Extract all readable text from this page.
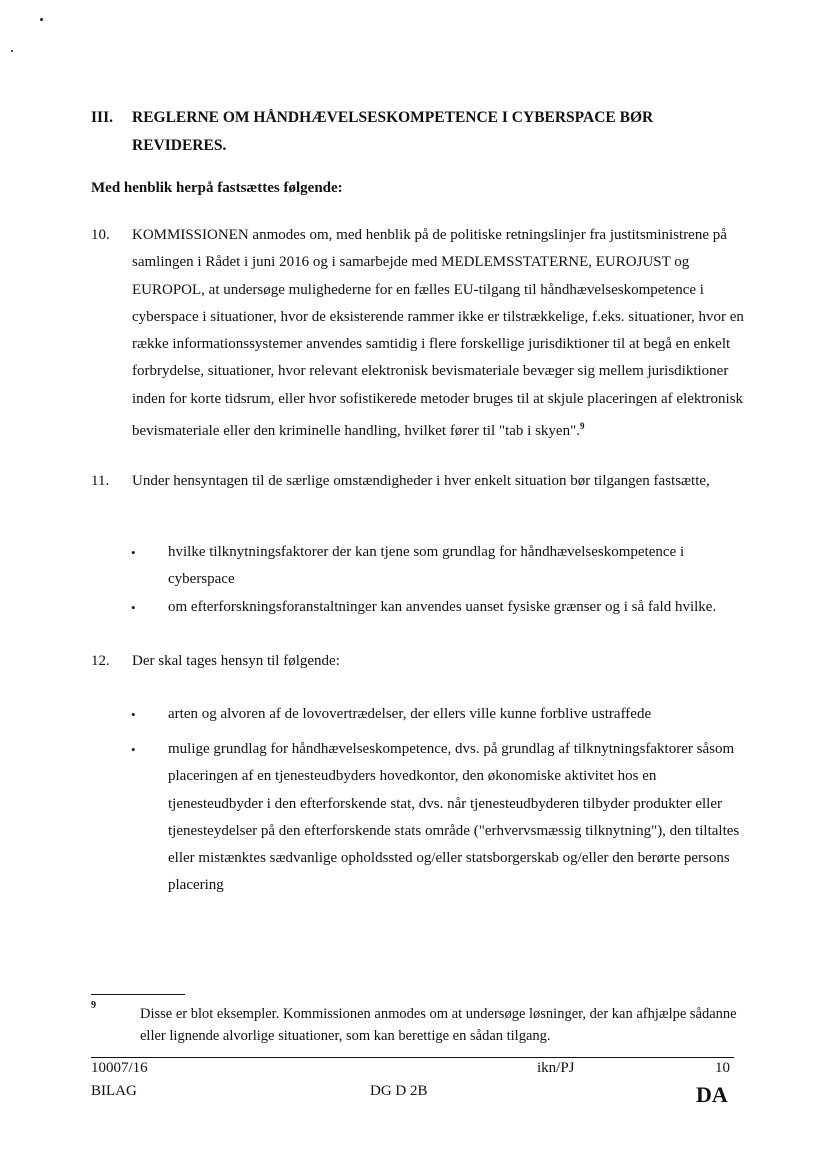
III. REGLERNE OM HÅNDHÆVELSESKOMPETENCE I CYBERSPACE BØR REVIDERES.
Med henblik herpå fastsættes følgende:
10. KOMMISSIONEN anmodes om, med henblik på de politiske retningslinjer fra justitsministrene på samlingen i Rådet i juni 2016 og i samarbejde med MEDLEMSSTATERNE, EUROJUST og EUROPOL, at undersøge mulighederne for en fælles EU-tilgang til håndhævelseskompetence i cyberspace i situationer, hvor de eksisterende rammer ikke er tilstrækkelige, f.eks. situationer, hvor en række informationssystemer anvendes samtidig i flere forskellige jurisdiktioner til at begå en enkelt forbrydelse, situationer, hvor relevant elektronisk bevismateriale bevæger sig mellem jurisdiktioner inden for korte tidsrum, eller hvor sofistikerede metoder bruges til at skjule placeringen af elektronisk bevismateriale eller den kriminelle handling, hvilket fører til "tab i skyen".$^9$
11. Under hensyntagen til de særlige omstændigheder i hver enkelt situation bør tilgangen fastsætte,
• hvilke tilknytningsfaktorer der kan tjene som grundlag for håndhævelseskompetence i cyberspace
• om efterforskningsforanstaltninger kan anvendes uanset fysiske grænser og i så fald hvilke.
12. Der skal tages hensyn til følgende:
• arten og alvoren af de lovovertrædelser, der ellers ville kunne forblive ustraffede
• mulige grundlag for håndhævelseskompetence, dvs. på grundlag af tilknytningsfaktorer såsom placeringen af en tjenesteudbyders hovedkontor, den økonomiske aktivitet hos en tjenesteudbyder i den efterforskende stat, dvs. når tjenesteudbyderen tilbyder produkter eller tjenesteydelser på den efterforskende stats område ("erhvervsmæssig tilknytning"), den tiltaltes eller mistænktes sædvanlige opholdssted og/eller statsborgerskab og/eller den berørte persons placering
9
Disse er blot eksempler. Kommissionen anmodes om at undersøge løsninger, der kan afhjælpe sådanne eller lignende alvorlige situationer, som kan berettige en sådan tilgang.
10007/16
BILAG
ikn/PJ
DG D 2B
10
DA
